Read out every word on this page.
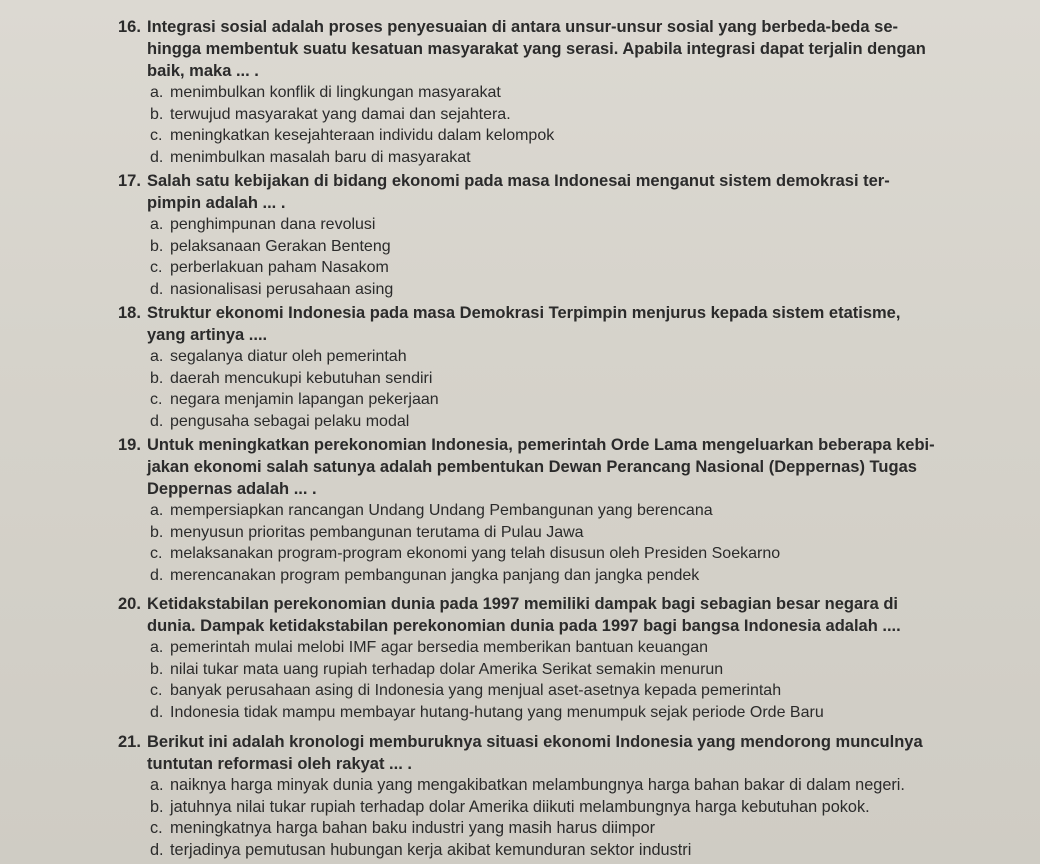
16. Integrasi sosial adalah proses penyesuaian di antara unsur-unsur sosial yang berbeda-beda se-
hingga membentuk suatu kesatuan masyarakat yang serasi. Apabila integrasi dapat terjalin dengan
baik, maka ... .
a. menimbulkan konflik di lingkungan masyarakat
b. terwujud masyarakat yang damai dan sejahtera.
c. meningkatkan kesejahteraan individu dalam kelompok
d. menimbulkan masalah baru di masyarakat
17. Salah satu kebijakan di bidang ekonomi pada masa Indonesai menganut sistem demokrasi ter-
pimpin adalah ... .
a. penghimpunan dana revolusi
b. pelaksanaan Gerakan Benteng
c. perberlakuan paham Nasakom
d. nasionalisasi perusahaan asing
18. Struktur ekonomi Indonesia pada masa Demokrasi Terpimpin menjurus kepada sistem etatisme,
yang artinya ....
a. segalanya diatur oleh pemerintah
b. daerah mencukupi kebutuhan sendiri
c. negara menjamin lapangan pekerjaan
d. pengusaha sebagai pelaku modal
19. Untuk meningkatkan perekonomian Indonesia, pemerintah Orde Lama mengeluarkan beberapa kebi-
jakan ekonomi salah satunya adalah pembentukan Dewan Perancang Nasional (Deppernas) Tugas
Deppernas adalah ... .
a. mempersiapkan rancangan Undang Undang Pembangunan yang berencana
b. menyusun prioritas pembangunan terutama di Pulau Jawa
c. melaksanakan program-program ekonomi yang telah disusun oleh Presiden Soekarno
d. merencanakan program pembangunan jangka panjang dan jangka pendek
20. Ketidakstabilan perekonomian dunia pada 1997 memiliki dampak bagi sebagian besar negara di
dunia. Dampak ketidakstabilan perekonomian dunia pada 1997 bagi bangsa Indonesia adalah ....
a. pemerintah mulai melobi IMF agar bersedia memberikan bantuan keuangan
b. nilai tukar mata uang rupiah terhadap dolar Amerika Serikat semakin menurun
c. banyak perusahaan asing di Indonesia yang menjual aset-asetnya kepada pemerintah
d. Indonesia tidak mampu membayar hutang-hutang yang menumpuk sejak periode Orde Baru
21. Berikut ini adalah kronologi memburuknya situasi ekonomi Indonesia yang mendorong munculnya
tuntutan reformasi oleh rakyat ... .
a. naiknya harga minyak dunia yang mengakibatkan melambungnya harga bahan bakar di dalam negeri.
b. jatuhnya nilai tukar rupiah terhadap dolar Amerika diikuti melambungnya harga kebutuhan pokok.
c. meningkatnya harga bahan baku industri yang masih harus diimpor
d. terjadinya pemutusan hubungan kerja akibat kemunduran sektor industri
